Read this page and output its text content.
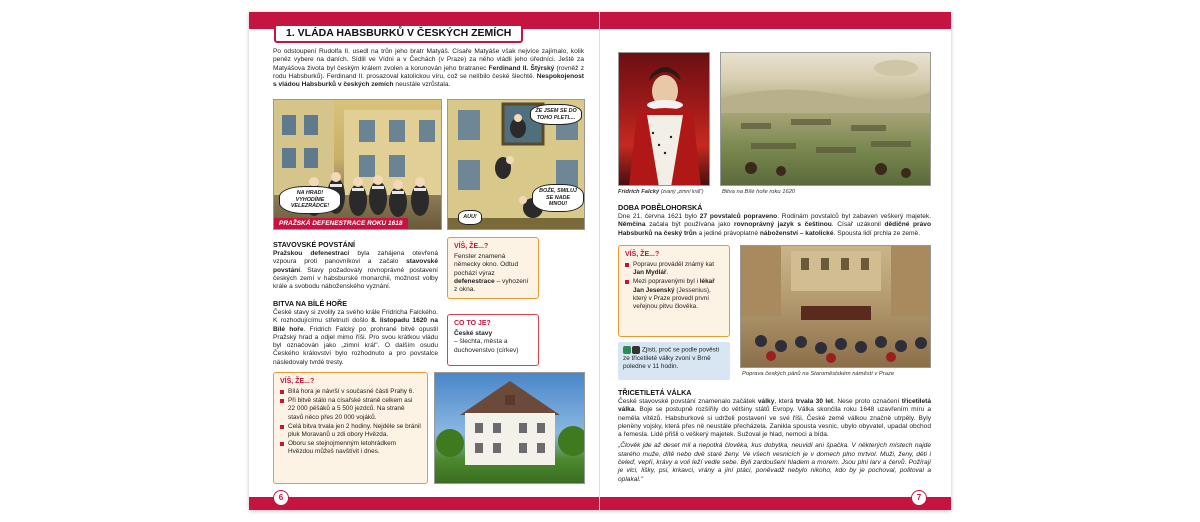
1. VLÁDA HABSBURKŮ V ČESKÝCH ZEMÍCH
Po odstoupení Rudolfa II. usedl na trůn jeho bratr Matyáš. Císaře Matyáše však nejvíce zajímalo, kolik peněz vybere na daních. Sídlil ve Vídni a v Čechách (v Praze) za něho vládli jeho úředníci. Ještě za Matyášova života byl českým králem zvolen a korunován jeho bratranec Ferdinand II. Štýrský (rovněž z rodu Habsburků). Ferdinand II. prosazoval katolickou víru, což se nelíbilo české šlechtě. Nespokojenost s vládou Habsburků v českých zemích neustále vzrůstala.
NA HRAD! VYHODÍME VELEZRÁDCE!
PRAŽSKÁ DEFENESTRACE ROKU 1618
ŽE JSEM SE DO TOHO PLETL...
BOŽE, SMILUJ SE NADE MNOU!
AUU!
STAVOVSKÉ POVSTÁNÍ
Pražskou defenestrací byla zahájena otevřená vzpoura proti panovníkovi a začalo stavovské povstání. Stavy požadovaly rovnoprávné postavení českých zemí v habsburské monarchii, možnost volby krále a svobodu náboženského vyznání.
VÍŠ, ŽE...?
Fenster znamená německy okno. Odtud pochází výraz defenestrace – vyhození z okna.
BITVA NA BÍLÉ HOŘE
České stavy si zvolily za svého krále Fridricha Falckého. K rozhodujícímu střetnutí došlo 8. listopadu 1620 na Bílé hoře. Fridrich Falcký po prohrané bitvě opustil Pražský hrad a odjel mimo říši. Pro svou krátkou vládu byl označován jako „zimní král". O dalším osudu Českého království bylo rozhodnuto a pro povstalce následovaly tvrdé tresty.
CO TO JE?
České stavy
– šlechta, města a duchovenstvo (církev)
VÍŠ, ŽE...?
Bílá hora je návrší v současné části Prahy 6.
Při bitvě stálo na císařské straně celkem asi 22 000 pěšáků a 5 500 jezdců. Na straně stavů něco přes 20 000 vojáků.
Celá bitva trvala jen 2 hodiny. Nejdéle se bránil pluk Moravanů u zdi obory Hvězda.
Oboru se stejnojmenným letohrádkem Hvězdou můžeš navštívit i dnes.
6
Fridrich Falcký (zvaný „zimní král")	Bitva na Bílé hoře roku 1620
DOBA POBĚLOHORSKÁ
Dne 21. června 1621 bylo 27 povstalců popraveno. Rodinám povstalců byl zabaven veškerý majetek. Němčina začala být používána jako rovnoprávný jazyk s češtinou. Císař uzákonil dědičné právo Habsburků na český trůn a jediné právoplatné náboženství – katolické. Spousta lidí prchla ze země.
VÍŠ, ŽE...?
Popravu prováděl známý kat Jan Mydlář.
Mezi popravenými byl i lékař Jan Jesenský (Jessenius), který v Praze provedl první veřejnou pitvu člověka.
Zjisti, proč se podle pověsti ze třicetileté války zvoní v Brně poledne v 11 hodin.
Poprava českých pánů na Staroměstském náměstí v Praze
TŘICETILETÁ VÁLKA
České stavovské povstání znamenalo začátek války, která trvala 30 let. Nese proto označení třicetiletá válka. Boje se postupně rozšířily do většiny států Evropy. Válka skončila roku 1648 uzavřením míru a neměla vítězů. Habsburkové si udrželi postavení ve své říši. České země válkou značně utrpěly. Byly plenëny vojsky, která přes ně neustále přecházela. Zanikla spousta vesnic, ubylo obyvatel, upadal obchod a řemesla. Lidé přišli o veškerý majetek. Sužoval je hlad, nemoci a bída.
„Člověk jde až deset mil a nepotká člověka, kus dobytka, neuvidí ani špačka. V některých místech najde starého muže, dítě nebo dvě staré ženy. Ve všech vesnicích je v domech plno mrtvol. Muži, ženy, děti i čeleď, vepři, krávy a voli leží vedle sebe. Byli zardoušeni hladem a morem. Jsou plni larv a červů. Požírají je vlci, lišky, psi, krkavci, vrány a jiní ptáci, poněvadž nebylo nikoho, kdo by je pochoval, politoval a oplakal."
7
